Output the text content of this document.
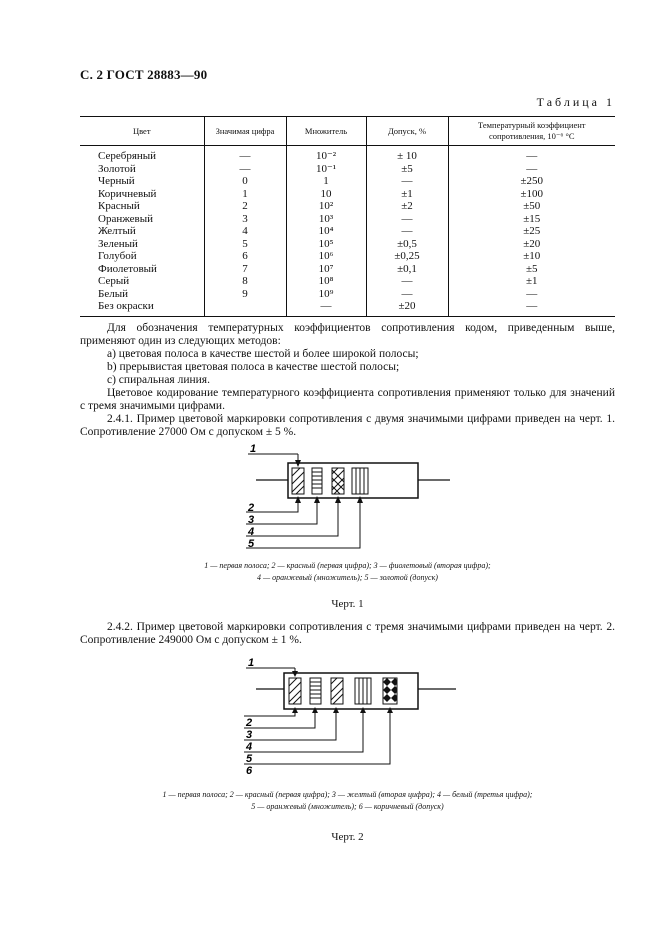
С. 2 ГОСТ 28883—90
Таблица 1
Цвет	Значимая цифра	Множитель	Допуск, %	Температурный коэффициент сопротивления, 10⁻⁶ °С
Серебряный	—	10⁻²	± 10	—
Золотой	—	10⁻¹	±5	—
Черный	0	1	—	±250
Коричневый	1	10	±1	±100
Красный	2	10²	±2	±50
Оранжевый	3	10³	—	±15
Желтый	4	10⁴	—	±25
Зеленый	5	10⁵	±0,5	±20
Голубой	6	10⁶	±0,25	±10
Фиолетовый	7	10⁷	±0,1	±5
Серый	8	10⁸	—	±1
Белый	9	10⁹	—	—
Без окраски		—	±20	—
Для обозначения температурных коэффициентов сопротивления кодом, приведенным выше, применяют один из следующих методов:
а) цветовая полоса в качестве шестой и более широкой полосы;
b) прерывистая цветовая полоса в качестве шестой полосы;
с) спиральная линия.
Цветовое кодирование температурного коэффициента сопротивления применяют только для значений с тремя значимыми цифрами.
2.4.1. Пример цветовой маркировки сопротивления с двумя значимыми цифрами приведен на черт. 1. Сопротивление 27000 Ом с допуском ± 5 %.
1
2
3
4
5
1 — первая полоса; 2 — красный (первая цифра); 3 — фиолетовый (вторая цифра);
4 — оранжевый (множитель); 5 — золотой (допуск)
Черт. 1
2.4.2. Пример цветовой маркировки сопротивления с тремя значимыми цифрами приведен на черт. 2. Сопротивление 249000 Ом с допуском ± 1 %.
1
2
3
4
5
6
1 — первая полоса; 2 — красный (первая цифра); 3 — желтый (вторая цифра); 4 — белый (третья цифра);
5 — оранжевый (множитель); 6 — коричневый (допуск)
Черт. 2
